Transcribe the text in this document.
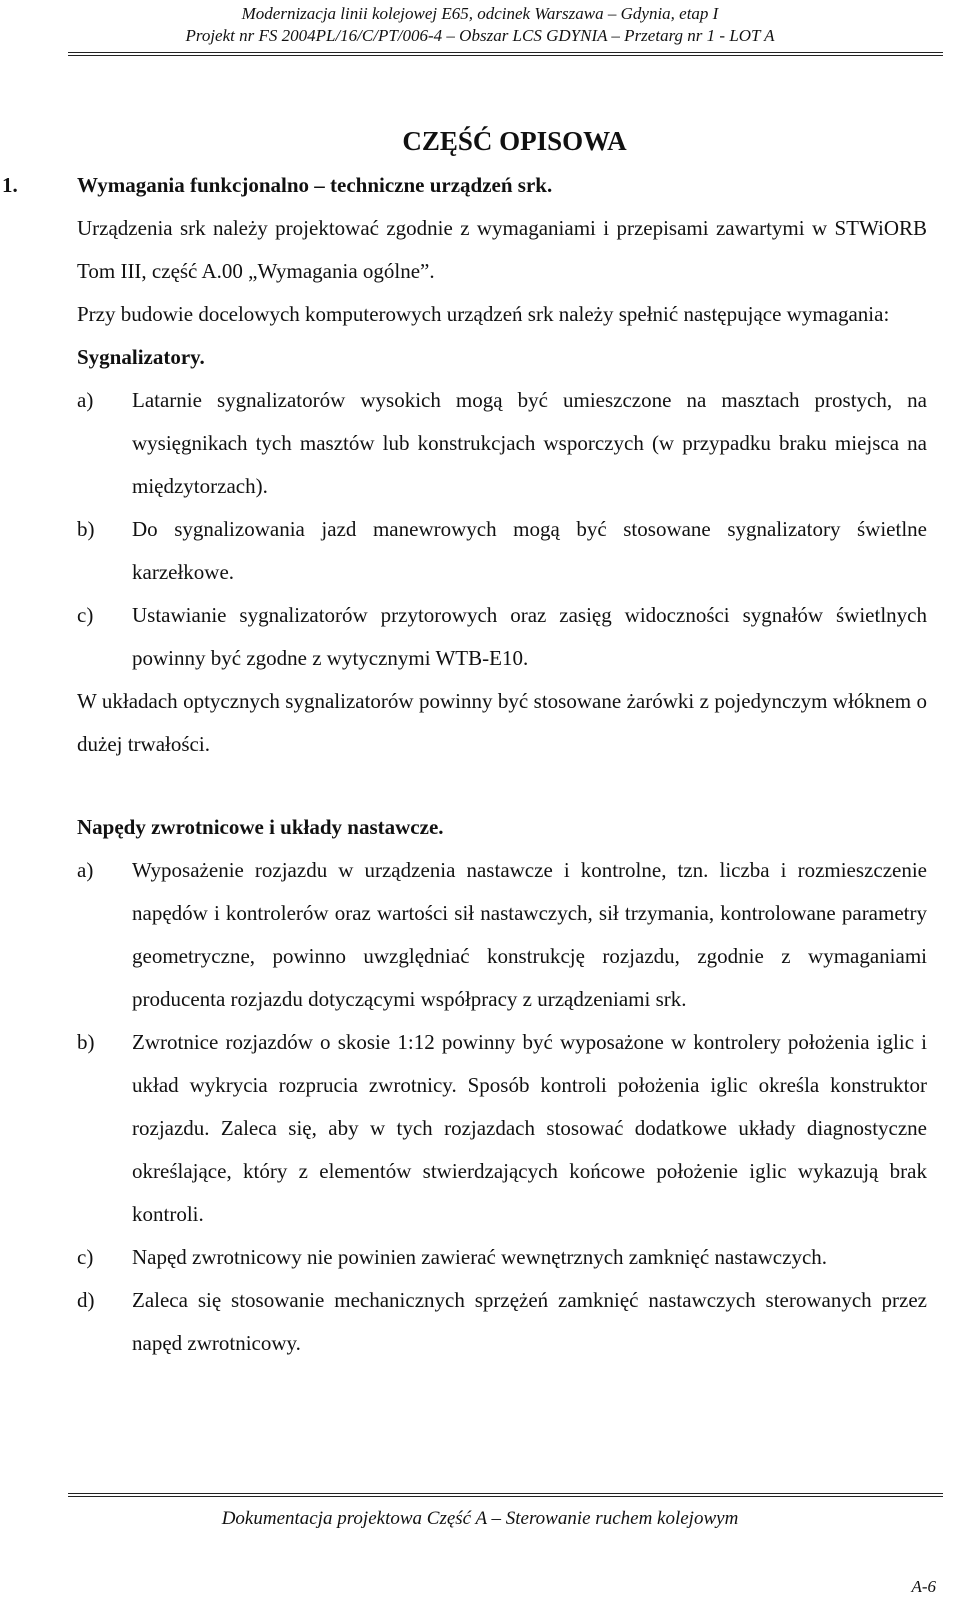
Modernizacja linii kolejowej E65, odcinek Warszawa – Gdynia, etap I
Projekt nr FS 2004PL/16/C/PT/006-4 – Obszar LCS GDYNIA – Przetarg nr 1 - LOT A
CZĘŚĆ OPISOWA
1.	Wymagania funkcjonalno – techniczne urządzeń srk.

Urządzenia srk należy projektować zgodnie z wymaganiami i przepisami zawartymi w STWiORB Tom III, część A.00 „Wymagania ogólne”.

Przy budowie docelowych komputerowych urządzeń srk należy spełnić następujące wymagania:

Sygnalizatory.

a) Latarnie sygnalizatorów wysokich mogą być umieszczone na masztach prostych, na wysięgnikach tych masztów lub konstrukcjach wsporczych (w przypadku braku miejsca na międzytorzach).
b) Do sygnalizowania jazd manewrowych mogą być stosowane sygnalizatory świetlne karzełkowe.
c) Ustawianie sygnalizatorów przytorowych oraz zasięg widoczności sygnałów świetlnych powinny być zgodne z wytycznymi WTB-E10.

W układach optycznych sygnalizatorów powinny być stosowane żarówki z pojedynczym włóknem o dużej trwałości.

Napędy zwrotnicowe i układy nastawcze.

a) Wyposażenie rozjazdu w urządzenia nastawcze i kontrolne, tzn. liczba i rozmieszczenie napędów i kontrolerów oraz wartości sił nastawczych, sił trzymania, kontrolowane parametry geometryczne, powinno uwzględniać konstrukcję rozjazdu, zgodnie z wymaganiami producenta rozjazdu dotyczącymi współpracy z urządzeniami srk.
b) Zwrotnice rozjazdów o skosie 1:12 powinny być wyposażone w kontrolery położenia iglic i układ wykrycia rozprucia zwrotnicy. Sposób kontroli położenia iglic określa konstruktor rozjazdu. Zaleca się, aby w tych rozjazdach stosować dodatkowe układy diagnostyczne określające, który z elementów stwierdzających końcowe położenie iglic wykazują brak kontroli.
c) Napęd zwrotnicowy nie powinien zawierać wewnętrznych zamknięć nastawczych.
d) Zaleca się stosowanie mechanicznych sprzężeń zamknięć nastawczych sterowanych przez napęd zwrotnicowy.
Dokumentacja projektowa Część A – Sterowanie ruchem kolejowym
A-6
